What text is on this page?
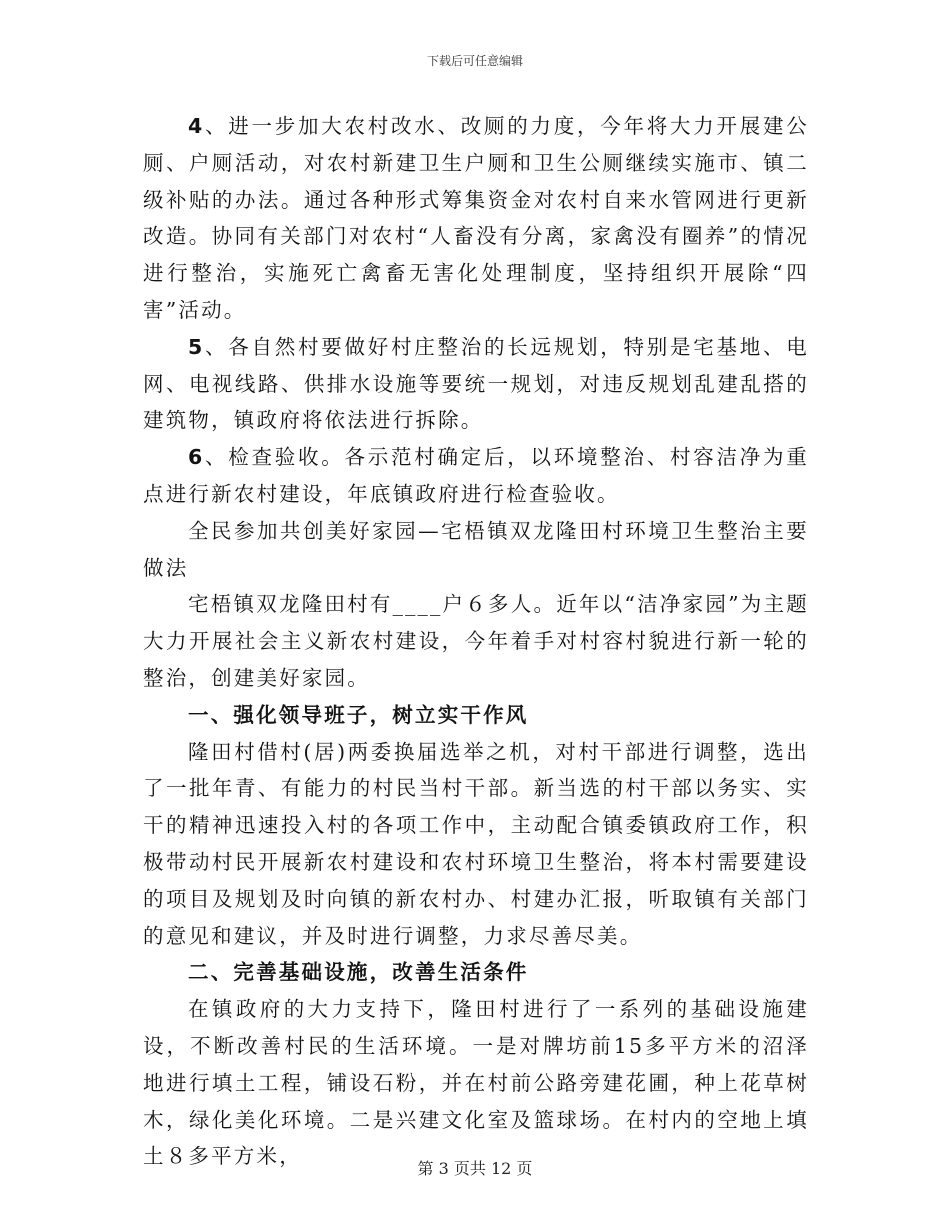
下载后可任意编辑

4、进一步加大农村改水、改厕的力度，今年将大力开展建公厕、户厕活动，对农村新建卫生户厕和卫生公厕继续实施市、镇二级补贴的办法。通过各种形式筹集资金对农村自来水管网进行更新改造。协同有关部门对农村“人畜没有分离，家禽没有圈养”的情况进行整治，实施死亡禽畜无害化处理制度，坚持组织开展除“四害”活动。

5、各自然村要做好村庄整治的长远规划，特别是宅基地、电网、电视线路、供排水设施等要统一规划，对违反规划乱建乱搭的建筑物，镇政府将依法进行拆除。

6、检查验收。各示范村确定后，以环境整治、村容洁净为重点进行新农村建设，年底镇政府进行检查验收。

全民参加共创美好家园—宅梧镇双龙隆田村环境卫生整治主要做法

宅梧镇双龙隆田村有____户６多人。近年以“洁净家园”为主题大力开展社会主义新农村建设，今年着手对村容村貌进行新一轮的整治，创建美好家园。

一、强化领导班子，树立实干作风

隆田村借村(居)两委换届选举之机，对村干部进行调整，选出了一批年青、有能力的村民当村干部。新当选的村干部以务实、实干的精神迅速投入村的各项工作中，主动配合镇委镇政府工作，积极带动村民开展新农村建设和农村环境卫生整治，将本村需要建设的项目及规划及时向镇的新农村办、村建办汇报，听取镇有关部门的意见和建议，并及时进行调整，力求尽善尽美。

二、完善基础设施，改善生活条件

在镇政府的大力支持下，隆田村进行了一系列的基础设施建设，不断改善村民的生活环境。一是对牌坊前15多平方米的沼泽地进行填土工程，铺设石粉，并在村前公路旁建花圃，种上花草树木，绿化美化环境。二是兴建文化室及篮球场。在村内的空地上填土８多平方米，

第 3 页共 12 页
